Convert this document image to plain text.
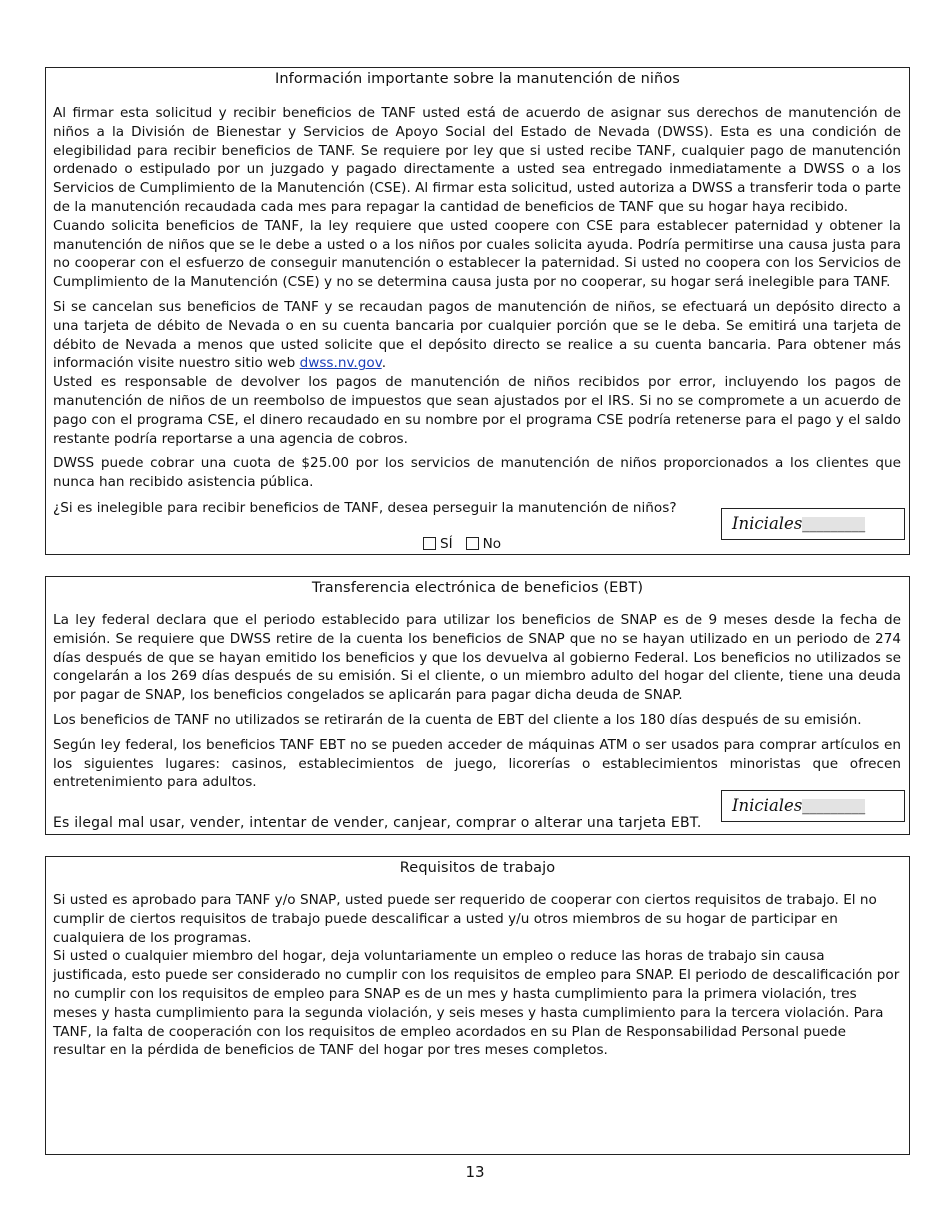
Información importante sobre la manutención de niños

Al firmar esta solicitud y recibir beneficios de TANF usted está de acuerdo de asignar sus derechos de manutención de niños a la División de Bienestar y Servicios de Apoyo Social del Estado de Nevada (DWSS). Esta es una condición de elegibilidad para recibir beneficios de TANF. Se requiere por ley que si usted recibe TANF, cualquier pago de manutención ordenado o estipulado por un juzgado y pagado directamente a usted sea entregado inmediatamente a DWSS o a los Servicios de Cumplimiento de la Manutención (CSE). Al firmar esta solicitud, usted autoriza a DWSS a transferir toda o parte de la manutención recaudada cada mes para repagar la cantidad de beneficios de TANF que su hogar haya recibido.

Cuando solicita beneficios de TANF, la ley requiere que usted coopere con CSE para establecer paternidad y obtener la manutención de niños que se le debe a usted o a los niños por cuales solicita ayuda. Podría permitirse una causa justa para no cooperar con el esfuerzo de conseguir manutención o establecer la paternidad. Si usted no coopera con los Servicios de Cumplimiento de la Manutención (CSE) y no se determina causa justa por no cooperar, su hogar será inelegible para TANF.

Si se cancelan sus beneficios de TANF y se recaudan pagos de manutención de niños, se efectuará un depósito directo a una tarjeta de débito de Nevada o en su cuenta bancaria por cualquier porción que se le deba. Se emitirá una tarjeta de débito de Nevada a menos que usted solicite que el depósito directo se realice a su cuenta bancaria. Para obtener más información visite nuestro sitio web dwss.nv.gov.

Usted es responsable de devolver los pagos de manutención de niños recibidos por error, incluyendo los pagos de manutención de niños de un reembolso de impuestos que sean ajustados por el IRS. Si no se compromete a un acuerdo de pago con el programa CSE, el dinero recaudado en su nombre por el programa CSE podría retenerse para el pago y el saldo restante podría reportarse a una agencia de cobros.

DWSS puede cobrar una cuota de $25.00 por los servicios de manutención de niños proporcionados a los clientes que nunca han recibido asistencia pública.

¿Si es inelegible para recibir beneficios de TANF, desea perseguir la manutención de niños?
Iniciales_________
SÍ No
Transferencia electrónica de beneficios (EBT)

La ley federal declara que el periodo establecido para utilizar los beneficios de SNAP es de 9 meses desde la fecha de emisión. Se requiere que DWSS retire de la cuenta los beneficios de SNAP que no se hayan utilizado en un periodo de 274 días después de que se hayan emitido los beneficios y que los devuelva al gobierno Federal. Los beneficios no utilizados se congelarán a los 269 días después de su emisión. Si el cliente, o un miembro adulto del hogar del cliente, tiene una deuda por pagar de SNAP, los beneficios congelados se aplicarán para pagar dicha deuda de SNAP.

Los beneficios de TANF no utilizados se retirarán de la cuenta de EBT del cliente a los 180 días después de su emisión.

Según ley federal, los beneficios TANF EBT no se pueden acceder de máquinas ATM o ser usados para comprar artículos en los siguientes lugares: casinos, establecimientos de juego, licorerías o establecimientos minoristas que ofrecen entretenimiento para adultos.

Iniciales_________
Es ilegal mal usar, vender, intentar de vender, canjear, comprar o alterar una tarjeta EBT.
Requisitos de trabajo

Si usted es aprobado para TANF y/o SNAP, usted puede ser requerido de cooperar con ciertos requisitos de trabajo. El no cumplir de ciertos requisitos de trabajo puede descalificar a usted y/u otros miembros de su hogar de participar en cualquiera de los programas.

Si usted o cualquier miembro del hogar, deja voluntariamente un empleo o reduce las horas de trabajo sin causa justificada, esto puede ser considerado no cumplir con los requisitos de empleo para SNAP. El periodo de descalificación por no cumplir con los requisitos de empleo para SNAP es de un mes y hasta cumplimiento para la primera violación, tres meses y hasta cumplimiento para la segunda violación, y seis meses y hasta cumplimiento para la tercera violación. Para TANF, la falta de cooperación con los requisitos de empleo acordados en su Plan de Responsabilidad Personal puede resultar en la pérdida de beneficios de TANF del hogar por tres meses completos.

13
